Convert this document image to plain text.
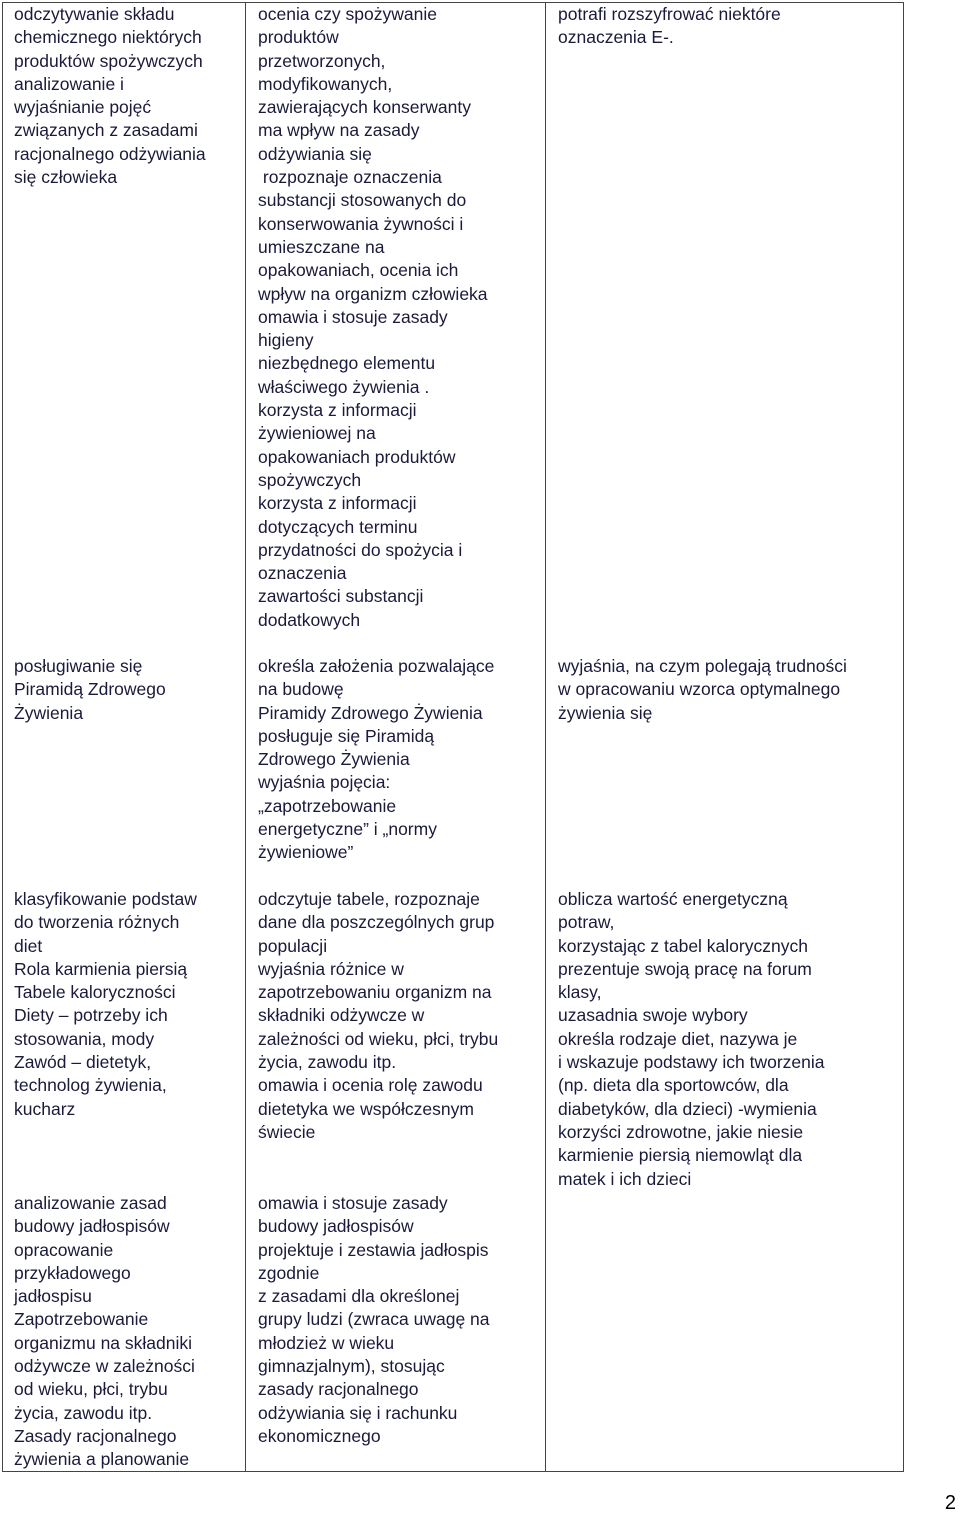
odczytywanie składu
chemicznego niektórych
produktów spożywczych
analizowanie i
wyjaśnianie pojęć
związanych z zasadami
racjonalnego odżywiania
się człowieka
ocenia czy spożywanie
produktów
przetworzonych,
modyfikowanych,
zawierających konserwanty
ma wpływ na zasady
odżywiania się
rozpoznaje oznaczenia
substancji stosowanych do
konserwowania żywności i
umieszczane na
opakowaniach, ocenia ich
wpływ na organizm człowieka
omawia i stosuje zasady
higieny
niezbędnego elementu
właściwego żywienia .
korzysta z informacji
żywieniowej na
opakowaniach produktów
spożywczych
korzysta z informacji
dotyczących terminu
przydatności do spożycia i
oznaczenia
zawartości substancji
dodatkowych
potrafi rozszyfrować niektóre
oznaczenia E-.
posługiwanie się
Piramidą Zdrowego
Żywienia
określa założenia pozwalające
na budowę
Piramidy Zdrowego Żywienia
posługuje się Piramidą
Zdrowego Żywienia
wyjaśnia pojęcia:
„zapotrzebowanie
energetyczne” i „normy
żywieniowe”
wyjaśnia, na czym polegają trudności
w opracowaniu wzorca optymalnego
żywienia się
klasyfikowanie podstaw
do tworzenia różnych
diet
Rola karmienia piersią
Tabele kaloryczności
Diety – potrzeby ich
stosowania, mody
Zawód – dietetyk,
technolog żywienia,
kucharz
odczytuje tabele, rozpoznaje
dane dla poszczególnych grup
populacji
wyjaśnia różnice w
zapotrzebowaniu organizm na
składniki odżywcze w
zależności od wieku, płci, trybu
życia, zawodu itp.
omawia i ocenia rolę zawodu
dietetyka we współczesnym
świecie
oblicza wartość energetyczną
potraw,
korzystając z tabel kalorycznych
prezentuje swoją pracę na forum
klasy,
uzasadnia swoje wybory
określa rodzaje diet, nazywa je
i wskazuje podstawy ich tworzenia
(np. dieta dla sportowców, dla
diabetyków, dla dzieci) -wymienia
korzyści zdrowotne, jakie niesie
karmienie piersią niemowląt dla
matek i ich dzieci
analizowanie zasad
budowy jadłospisów
opracowanie
przykładowego
jadłospisu
Zapotrzebowanie
organizmu na składniki
odżywcze w zależności
od wieku, płci, trybu
życia, zawodu itp.
Zasady racjonalnego
żywienia a planowanie
omawia i stosuje zasady
budowy jadłospisów
projektuje i zestawia jadłospis
zgodnie
z zasadami dla określonej
grupy ludzi (zwraca uwagę na
młodzież w wieku
gimnazjalnym), stosując
zasady racjonalnego
odżywiania się i rachunku
ekonomicznego
2
